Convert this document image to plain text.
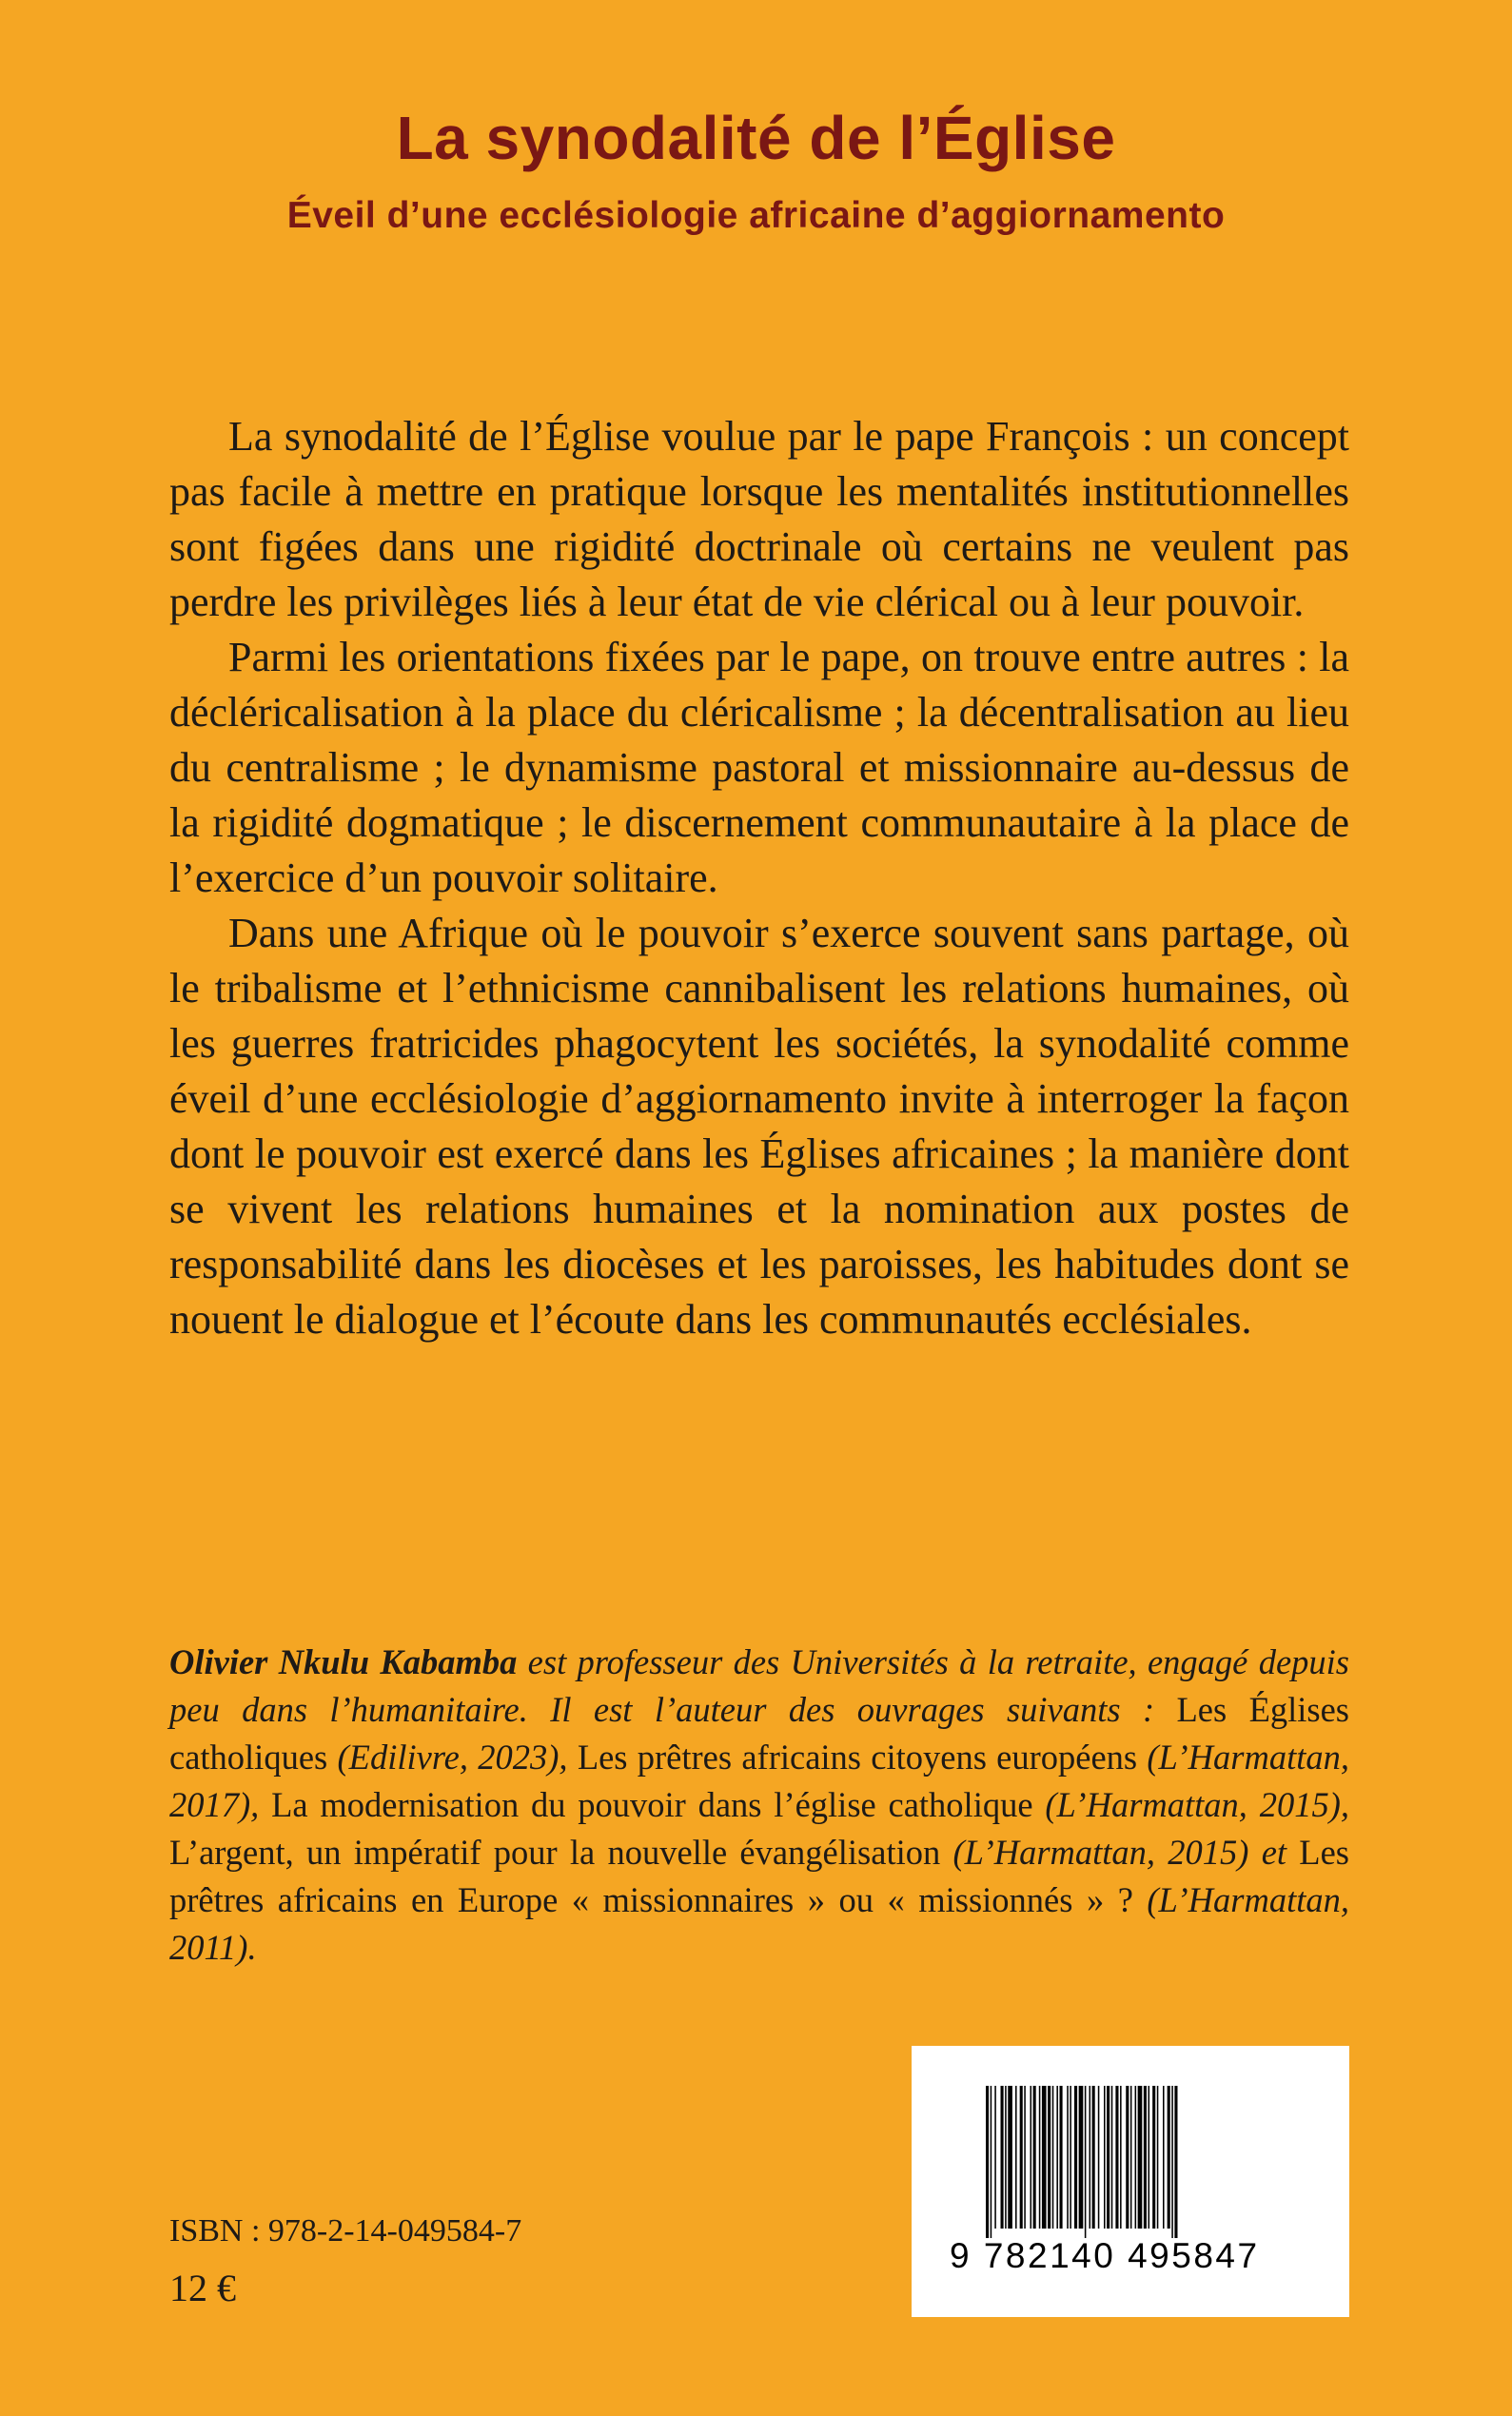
La synodalité de l’Église
Éveil d’une ecclésiologie africaine d’aggiornamento

La synodalité de l’Église voulue par le pape François : un concept pas facile à mettre en pratique lorsque les mentalités institutionnelles sont figées dans une rigidité doctrinale où certains ne veulent pas perdre les privilèges liés à leur état de vie clérical ou à leur pouvoir.

Parmi les orientations fixées par le pape, on trouve entre autres : la décléricalisation à la place du cléricalisme ; la décentralisation au lieu du centralisme ; le dynamisme pastoral et missionnaire au-dessus de la rigidité dogmatique ; le discernement communautaire à la place de l’exercice d’un pouvoir solitaire.

Dans une Afrique où le pouvoir s’exerce souvent sans partage, où le tribalisme et l’ethnicisme cannibalisent les relations humaines, où les guerres fratricides phagocytent les sociétés, la synodalité comme éveil d’une ecclésiologie d’aggiornamento invite à interroger la façon dont le pouvoir est exercé dans les Églises africaines ; la manière dont se vivent les relations humaines et la nomination aux postes de responsabilité dans les diocèses et les paroisses, les habitudes dont se nouent le dialogue et l’écoute dans les communautés ecclésiales.

Olivier Nkulu Kabamba est professeur des Universités à la retraite, engagé depuis peu dans l’humanitaire. Il est l’auteur des ouvrages suivants : Les Églises catholiques (Edilivre, 2023), Les prêtres africains citoyens européens (L’Harmattan, 2017), La modernisation du pouvoir dans l’église catholique (L’Harmattan, 2015), L’argent, un impératif pour la nouvelle évangélisation (L’Harmattan, 2015) et Les prêtres africains en Europe « missionnaires » ou « missionnés » ? (L’Harmattan, 2011).

9 782140 495847

ISBN : 978-2-14-049584-7

12 €
